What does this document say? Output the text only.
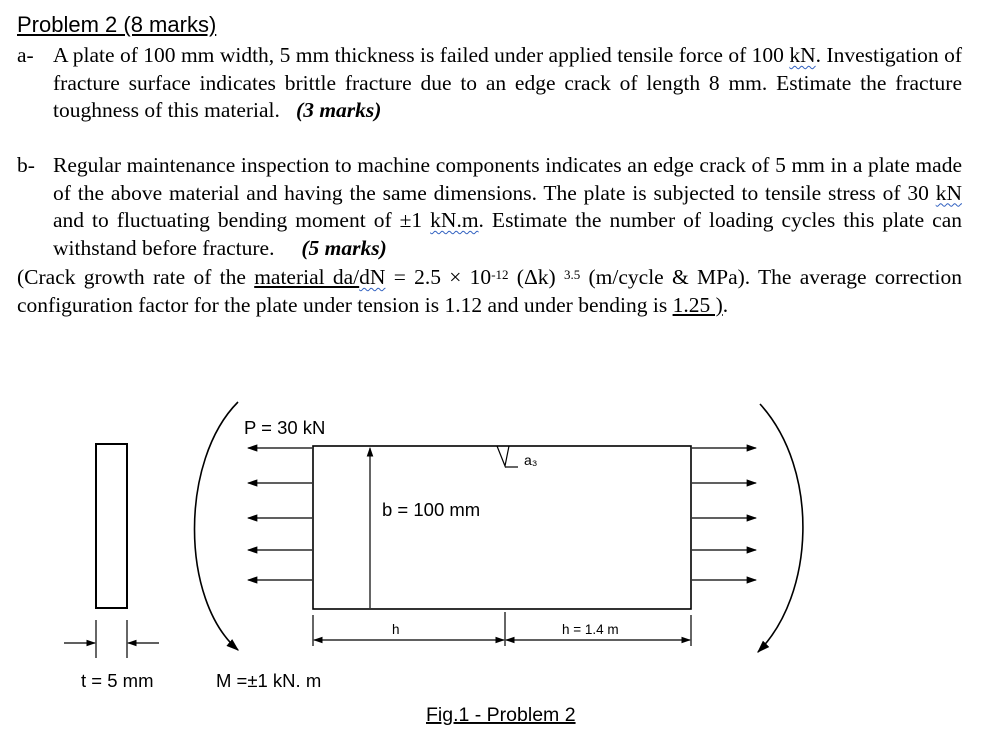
Problem 2 (8 marks)
a- A plate of 100 mm width, 5 mm thickness is failed under applied tensile force of 100 kN. Investigation of fracture surface indicates brittle fracture due to an edge crack of length 8 mm. Estimate the fracture toughness of this material. (3 marks)
b- Regular maintenance inspection to machine components indicates an edge crack of 5 mm in a plate made of the above material and having the same dimensions. The plate is subjected to tensile stress of 30 kN and to fluctuating bending moment of ±1 kN.m. Estimate the number of loading cycles this plate can withstand before fracture. (5 marks)
(Crack growth rate of the material $da/dN = 2.5 \times 10^{-12}$ (Δk) $^{3.5}$ (m/cycle & MPa). The average correction configuration factor for the plate under tension is 1.12 and under bending is 1.25 ).
t = 5 mm	M =±1 kN. m
P = 30 kN
b = 100 mm
a₃
h	h = 1.4 m
Fig.1 - Problem 2
